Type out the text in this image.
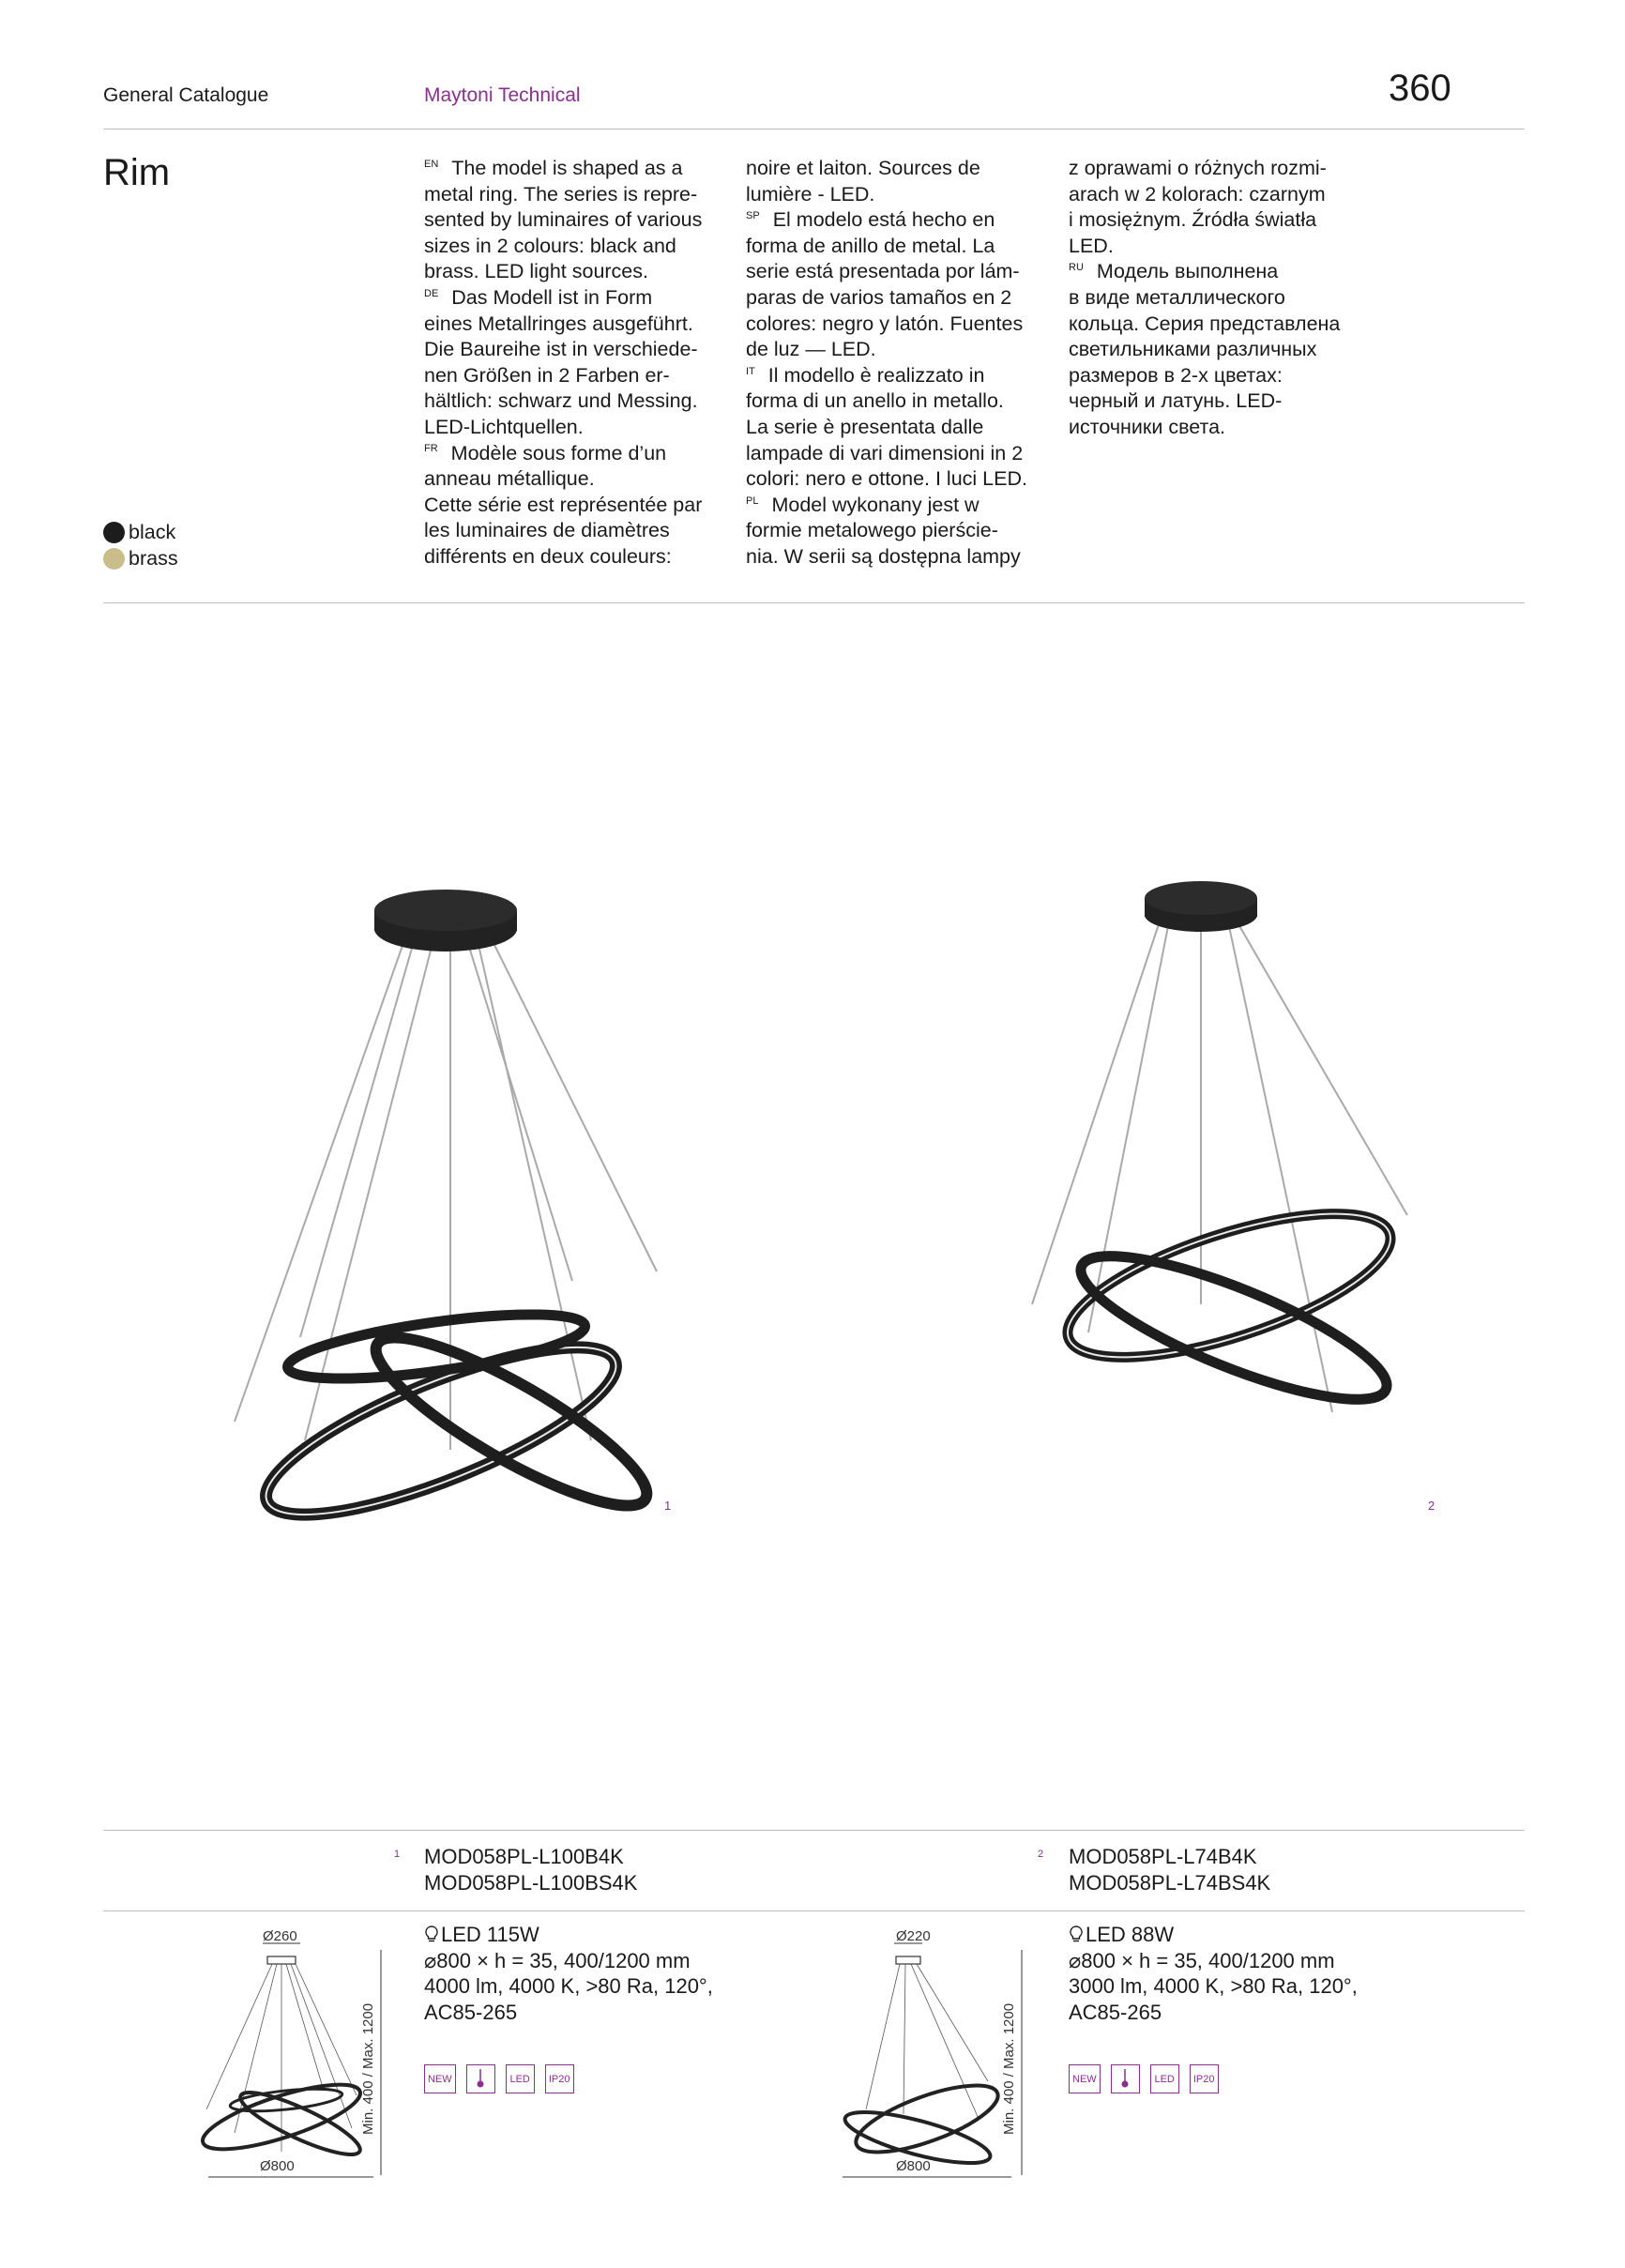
General Catalogue	Maytoni Technical	360
Rim	$^{EN}$ The model is shaped as a

metal ring. The series is repre-

sented by luminaires of various

sizes in 2 colours: black and

brass. LED light sources.

$^{DE}$ Das Modell ist in Form

eines Metallringes ausgeführt.

Die Baureihe ist in verschiede-

nen Größen in 2 Farben er-

hältlich: schwarz und Messing.

LED-Lichtquellen.

$^{FR}$ Modèle sous forme d’un

anneau métallique.

Cette série est représentée par

les luminaires de diamètres

différents en deux couleurs:

noire et laiton. Sources de

lumière - LED.

$^{SP}$ El modelo está hecho en

forma de anillo de metal. La

serie está presentada por lám-

paras de varios tamaños en 2

colores: negro y latón. Fuentes

de luz — LED.

$^{IT}$ Il modello è realizzato in

forma di un anello in metallo.

La serie è presentata dalle

lampade di vari dimensioni in 2

colori: nero e ottone. I luci LED.

$^{PL}$ Model wykonany jest w

formie metalowego pierście-

nia. W serii są dostępna lampy

z oprawami o różnych rozmi-

arach w 2 kolorach: czarnym

i mosiężnym. Źródła światła

LED.

$^{RU}$ Модель выполнена

в виде металлического

кольца. Серия представлена

светильниками различных

размеров в 2-х цветах:

черный и латунь. LED-

источники света.

black
brass
1	2
1 MOD058PL-L100B4K
MOD058PL-L100BS4K
2 MOD058PL-L74B4K
MOD058PL-L74BS4K
Ø260
Ø800
Min. 400 / Max. 1200
LED 115W
⌀800 × h = 35, 400/1200 mm
4000 lm, 4000 K, >80 Ra, 120°,
AC85-265
NEW	LED	IP20
Ø220
Ø800
Min. 400 / Max. 1200
LED 88W
⌀800 × h = 35, 400/1200 mm
3000 lm, 4000 K, >80 Ra, 120°,
AC85-265
NEW	LED	IP20
